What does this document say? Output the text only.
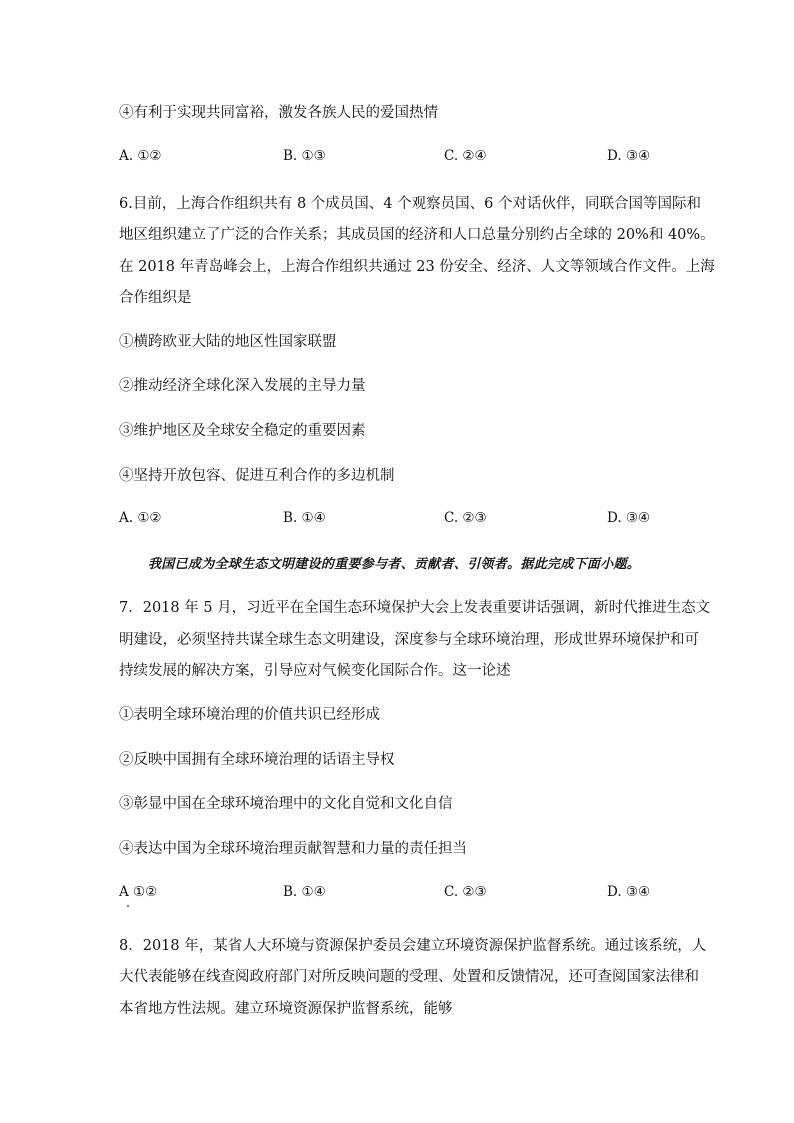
④有利于实现共同富裕，激发各族人民的爱国热情
A. ①②	B. ①③	C. ②④	D. ③④
6.目前，上海合作组织共有 8 个成员国、4 个观察员国、6 个对话伙伴，同联合国等国际和
地区组织建立了广泛的合作关系；其成员国的经济和人口总量分别约占全球的 20%和 40%。
在 2018 年青岛峰会上，上海合作组织共通过 23 份安全、经济、人文等领域合作文件。上海
合作组织是
①横跨欧亚大陆的地区性国家联盟
②推动经济全球化深入发展的主导力量
③维护地区及全球安全稳定的重要因素
④坚持开放包容、促进互利合作的多边机制
A. ①②	B. ①④	C. ②③	D. ③④
我国已成为全球生态文明建设的重要参与者、贡献者、引领者。据此完成下面小题。
7．2018 年 5 月，习近平在全国生态环境保护大会上发表重要讲话强调，新时代推进生态文
明建设，必须坚持共谋全球生态文明建设，深度参与全球环境治理，形成世界环境保护和可
持续发展的解决方案，引导应对气候变化国际合作。这一论述
①表明全球环境治理的价值共识已经形成
②反映中国拥有全球环境治理的话语主导权
③彰显中国在全球环境治理中的文化自觉和文化自信
④表达中国为全球环境治理贡献智慧和力量的责任担当
A ①②	B. ①④	C. ②③	D. ③④
8．2018 年，某省人大环境与资源保护委员会建立环境资源保护监督系统。通过该系统，人
大代表能够在线查阅政府部门对所反映问题的受理、处置和反馈情况，还可查阅国家法律和
本省地方性法规。建立环境资源保护监督系统，能够
